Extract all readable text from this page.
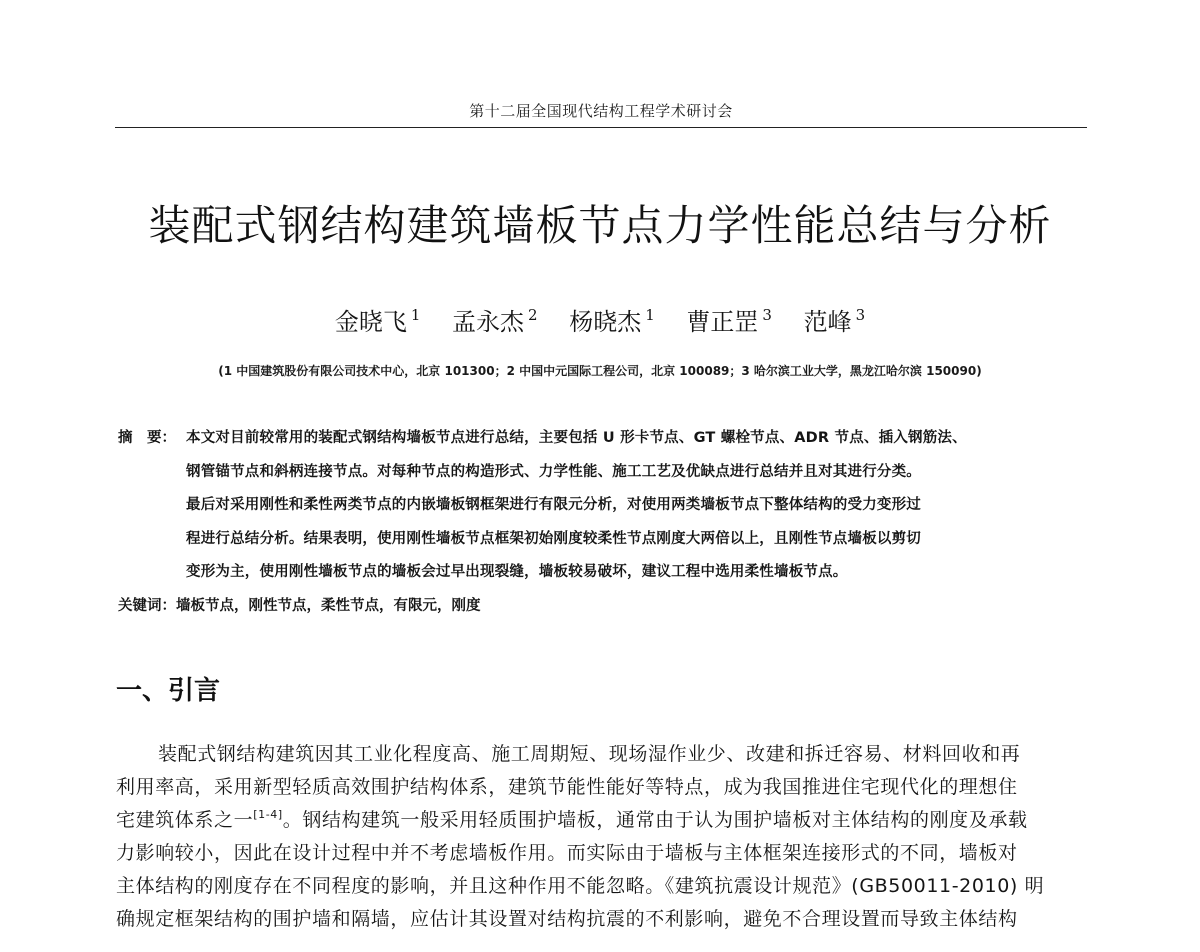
第十二届全国现代结构工程学术研讨会
装配式钢结构建筑墙板节点力学性能总结与分析
金晓飞 $^1$ 孟永杰 $^2$ 杨晓杰 $^1$ 曹正罡 $^3$ 范峰 $^3$
(1 中国建筑股份有限公司技术中心，北京 101300；2 中国中元国际工程公司，北京 100089；3 哈尔滨工业大学，黑龙江哈尔滨 150090)
摘　要： 本文对目前较常用的装配式钢结构墙板节点进行总结，主要包括 U 形卡节点、GT 螺栓节点、ADR 节点、插入钢筋法、
钢管锚节点和斜柄连接节点。对每种节点的构造形式、力学性能、施工工艺及优缺点进行总结并且对其进行分类。
最后对采用刚性和柔性两类节点的内嵌墙板钢框架进行有限元分析，对使用两类墙板节点下整体结构的受力变形过
程进行总结分析。结果表明，使用刚性墙板节点框架初始刚度较柔性节点刚度大两倍以上，且刚性节点墙板以剪切
变形为主，使用刚性墙板节点的墙板会过早出现裂缝，墙板较易破坏，建议工程中选用柔性墙板节点。
关键词：墙板节点，刚性节点，柔性节点，有限元，刚度
一、引言
装配式钢结构建筑因其工业化程度高、施工周期短、现场湿作业少、改建和拆迁容易、材料回收和再
利用率高，采用新型轻质高效围护结构体系，建筑节能性能好等特点，成为我国推进住宅现代化的理想住
宅建筑体系之一[1-4]。钢结构建筑一般采用轻质围护墙板，通常由于认为围护墙板对主体结构的刚度及承载
力影响较小，因此在设计过程中并不考虑墙板作用。而实际由于墙板与主体框架连接形式的不同，墙板对
主体结构的刚度存在不同程度的影响，并且这种作用不能忽略。《建筑抗震设计规范》(GB50011-2010) 明
确规定框架结构的围护墙和隔墙，应估计其设置对结构抗震的不利影响，避免不合理设置而导致主体结构
